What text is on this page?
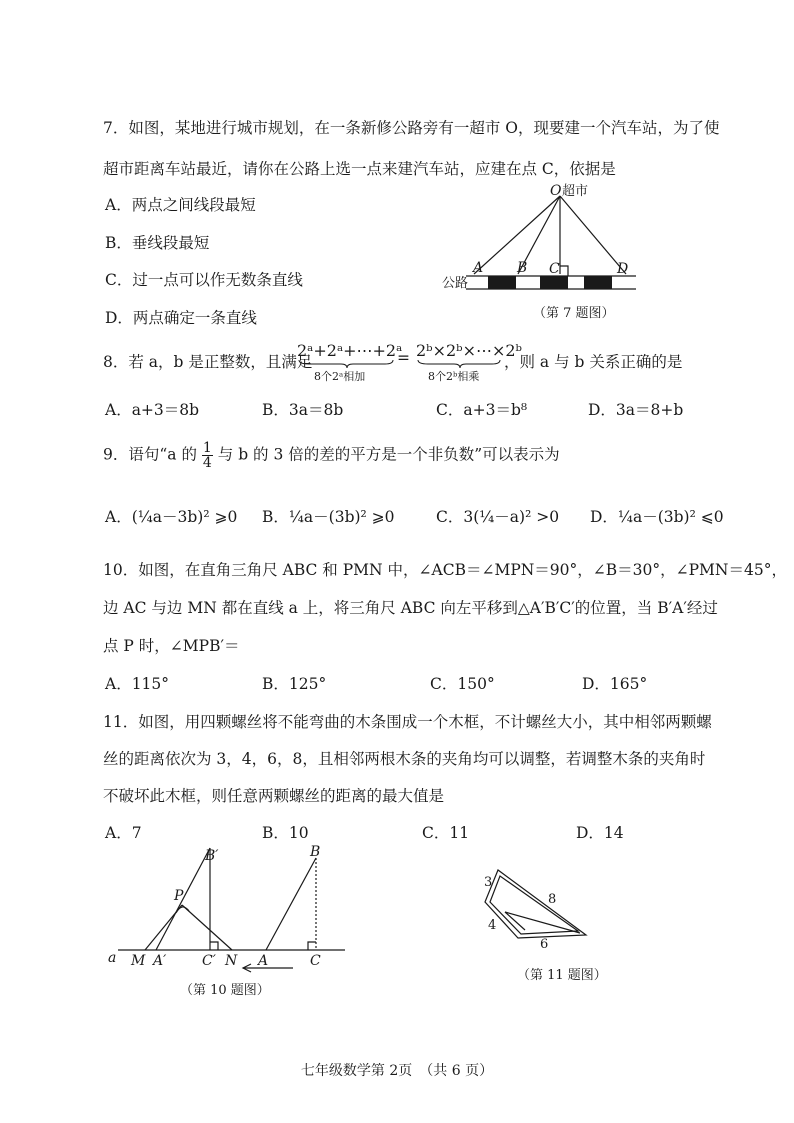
7．如图，某地进行城市规划，在一条新修公路旁有一超市 O，现要建一个汽车站，为了使
超市距离车站最近，请你在公路上选一点来建汽车站，应建在点 C，依据是
A．两点之间线段最短
B．垂线段最短
C．过一点可以作无数条直线
D．两点确定一条直线
O 超市
A B C	D
公路
（第 7 题图）
B′	B
P
a M A′	C′ N A	C
（第 10 题图）
3
8
4
6
（第 11 题图）
8．若 a，b 是正整数，且满足
2ᵃ+2ᵃ+⋯+2ᵃ
8个2ᵃ相加
= 2ᵇ×2ᵇ×⋯×2ᵇ
8个2ᵇ相乘
，则 a 与 b 关系正确的是
A．a+3＝8b	B．3a＝8b	C．a+3＝b⁸	D．3a＝8+b
9．语句“a 的 $\frac{1}{4}$ 与 b 的 3 倍的差的平方是一个非负数”可以表示为
A．(¼a－3b)² ⩾0 B．¼a－(3b)² ⩾0	C．3(¼－a)² >0 D．¼a－(3b)² ⩽0
10．如图，在直角三角尺 ABC 和 PMN 中，∠ACB＝∠MPN＝90°，∠B＝30°，∠PMN＝45°，
边 AC 与边 MN 都在直线 a 上，将三角尺 ABC 向左平移到△A′B′C′的位置，当 B′A′经过
点 P 时，∠MPB′＝
A．115°	B．125°	C．150°	D．165°
11．如图，用四颗螺丝将不能弯曲的木条围成一个木框，不计螺丝大小，其中相邻两颗螺
丝的距离依次为 3，4，6，8，且相邻两根木条的夹角均可以调整，若调整木条的夹角时
不破坏此木框，则任意两颗螺丝的距离的最大值是
A．7	B．10	C．11	D．14
七年级数学第 2页　（共 6 页）
